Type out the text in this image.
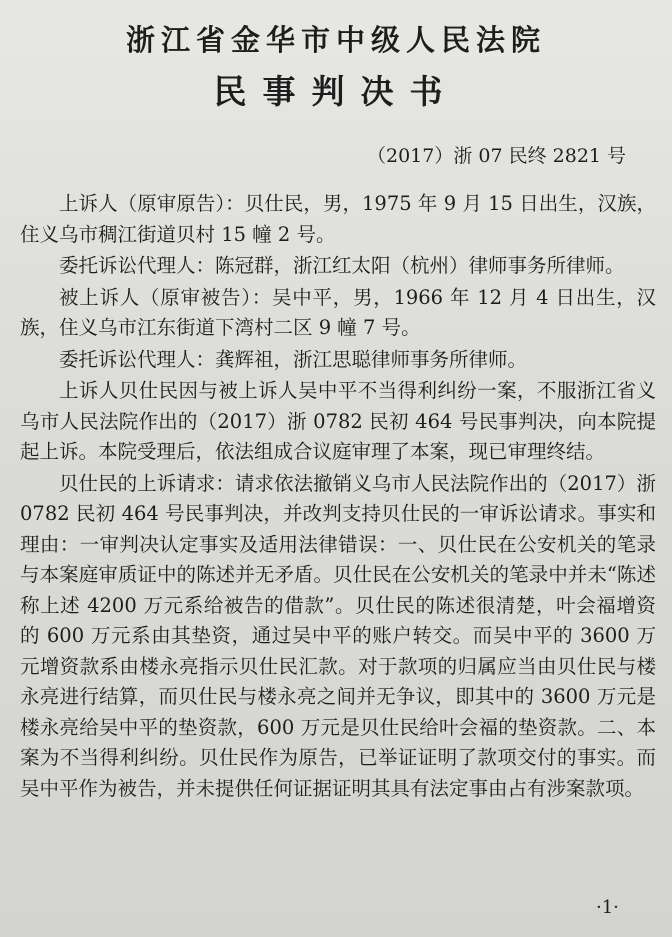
浙江省金华市中级人民法院
民事判决书
（2017）浙 07 民终 2821 号

上诉人（原审原告）：贝仕民，男，1975 年 9 月 15 日出生，汉族，住义乌市稠江街道贝村 15 幢 2 号。

委托诉讼代理人：陈冠群，浙江红太阳（杭州）律师事务所律师。

被上诉人（原审被告）：吴中平，男，1966 年 12 月 4 日出生，汉族，住义乌市江东街道下湾村二区 9 幢 7 号。

委托诉讼代理人：龚辉祖，浙江思聪律师事务所律师。

上诉人贝仕民因与被上诉人吴中平不当得利纠纷一案，不服浙江省义乌市人民法院作出的（2017）浙 0782 民初 464 号民事判决，向本院提起上诉。本院受理后，依法组成合议庭审理了本案，现已审理终结。

贝仕民的上诉请求：请求依法撤销义乌市人民法院作出的（2017）浙 0782 民初 464 号民事判决，并改判支持贝仕民的一审诉讼请求。事实和理由：一审判决认定事实及适用法律错误：一、贝仕民在公安机关的笔录与本案庭审质证中的陈述并无矛盾。贝仕民在公安机关的笔录中并未“陈述称上述 4200 万元系给被告的借款”。贝仕民的陈述很清楚，叶会福增资的 600 万元系由其垫资，通过吴中平的账户转交。而吴中平的 3600 万元增资款系由楼永亮指示贝仕民汇款。对于款项的归属应当由贝仕民与楼永亮进行结算，而贝仕民与楼永亮之间并无争议，即其中的 3600 万元是楼永亮给吴中平的垫资款，600 万元是贝仕民给叶会福的垫资款。二、本案为不当得利纠纷。贝仕民作为原告，已举证证明了款项交付的事实。而吴中平作为被告，并未提供任何证据证明其具有法定事由占有涉案款项。

·1·
